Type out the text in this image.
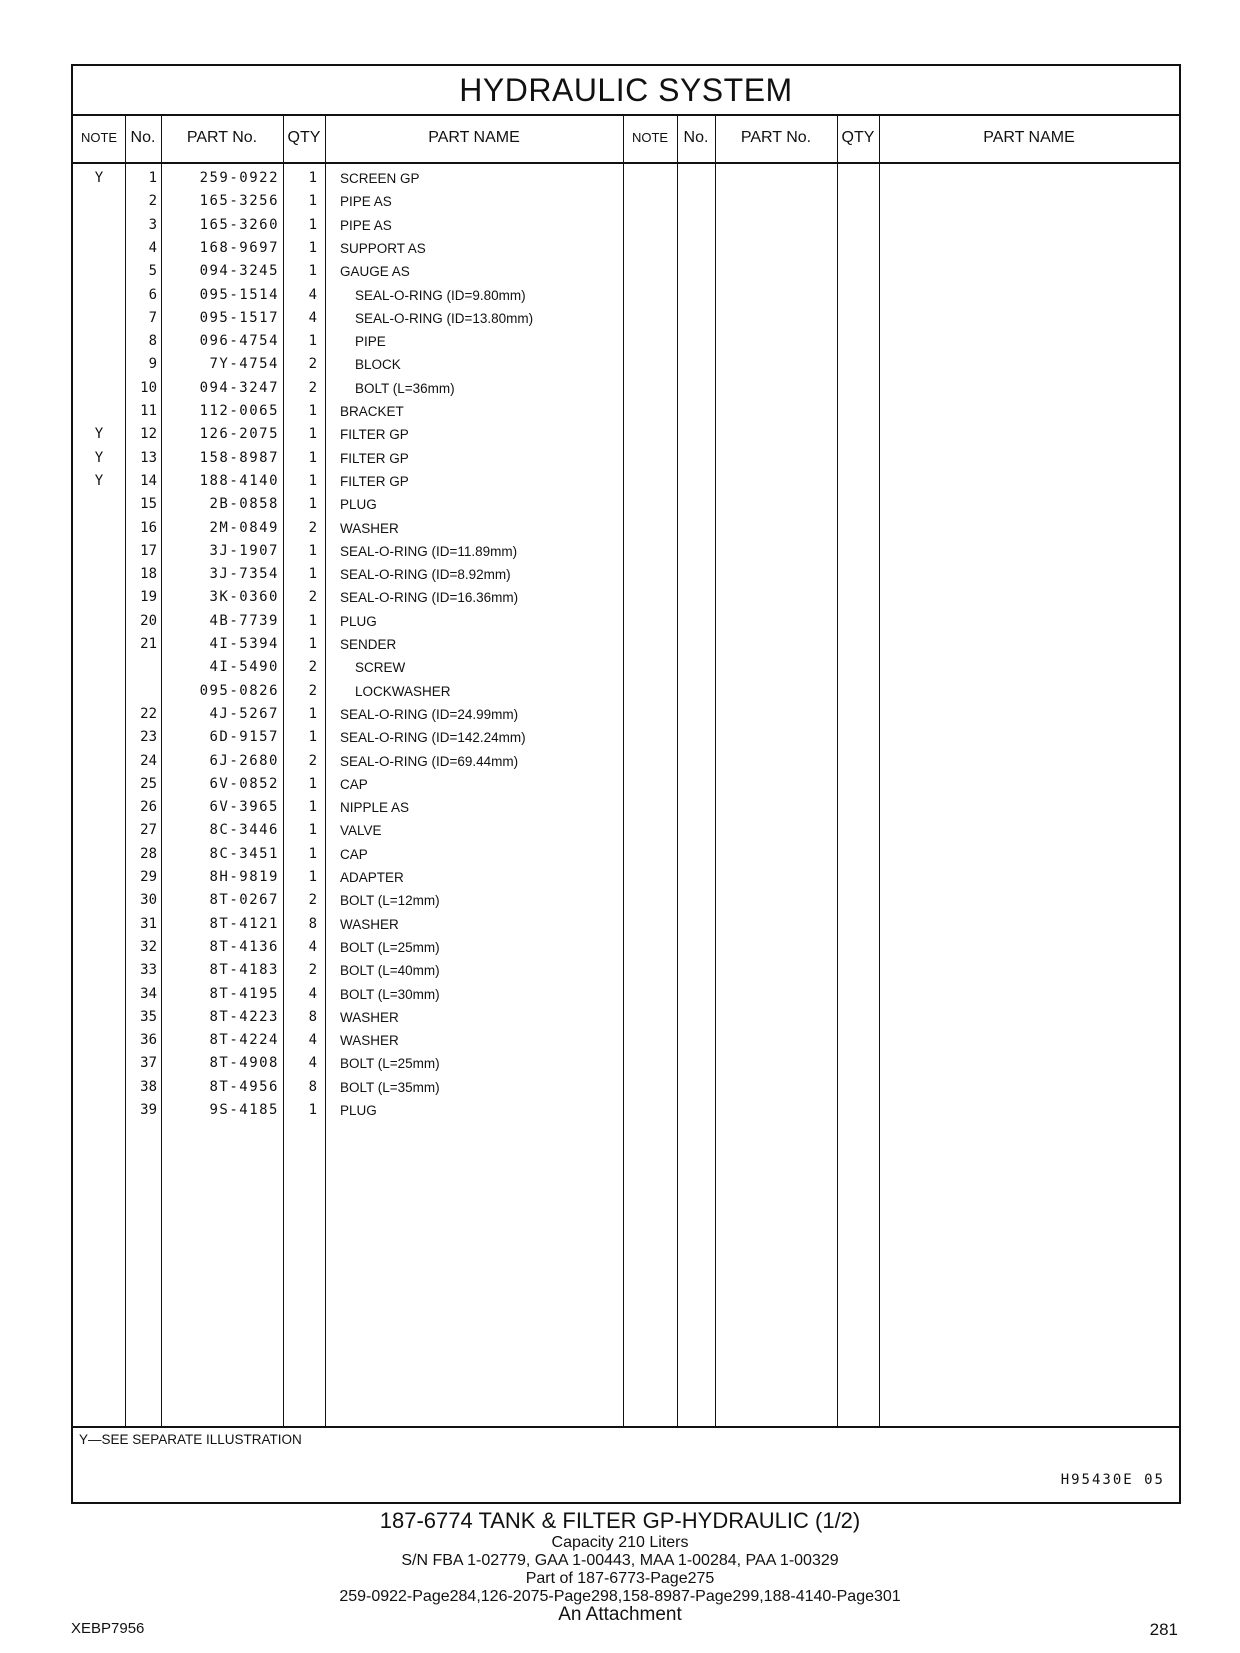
HYDRAULIC SYSTEM
NOTE No.	PART No.	QTY	PART NAME	NOTE No.	PART No.	QTY	PART NAME
Y	1	259-0922	1 SCREEN GP
2	165-3256	1 PIPE AS
3	165-3260	1 PIPE AS
4	168-9697	1 SUPPORT AS
5	094-3245	1 GAUGE AS
6	095-1514	4	SEAL-O-RING (ID=9.80mm)
7	095-1517	4	SEAL-O-RING (ID=13.80mm)
8	096-4754	1	PIPE
9	7Y-4754	2	BLOCK
10	094-3247	2	BOLT (L=36mm)
11	112-0065	1 BRACKET
Y	12	126-2075	1 FILTER GP
Y	13	158-8987	1 FILTER GP
Y	14	188-4140	1 FILTER GP
15	2B-0858	1 PLUG
16	2M-0849	2 WASHER
17	3J-1907	1 SEAL-O-RING (ID=11.89mm)
18	3J-7354	1 SEAL-O-RING (ID=8.92mm)
19	3K-0360	2 SEAL-O-RING (ID=16.36mm)
20	4B-7739	1 PLUG
21	4I-5394	1 SENDER
4I-5490	2	SCREW
095-0826	2	LOCKWASHER
22	4J-5267	1 SEAL-O-RING (ID=24.99mm)
23	6D-9157	1 SEAL-O-RING (ID=142.24mm)
24	6J-2680	2 SEAL-O-RING (ID=69.44mm)
25	6V-0852	1 CAP
26	6V-3965	1 NIPPLE AS
27	8C-3446	1 VALVE
28	8C-3451	1 CAP
29	8H-9819	1 ADAPTER
30	8T-0267	2 BOLT (L=12mm)
31	8T-4121	8 WASHER
32	8T-4136	4 BOLT (L=25mm)
33	8T-4183	2 BOLT (L=40mm)
34	8T-4195	4 BOLT (L=30mm)
35	8T-4223	8 WASHER
36	8T-4224	4 WASHER
37	8T-4908	4 BOLT (L=25mm)
38	8T-4956	8 BOLT (L=35mm)
39	9S-4185	1 PLUG
Y—SEE SEPARATE ILLUSTRATION
H95430E 05
187-6774 TANK & FILTER GP-HYDRAULIC (1/2)
Capacity 210 Liters
S/N FBA 1-02779, GAA 1-00443, MAA 1-00284, PAA 1-00329
Part of 187-6773-Page275
259-0922-Page284,126-2075-Page298,158-8987-Page299,188-4140-Page301
An Attachment
XEBP7956	281
